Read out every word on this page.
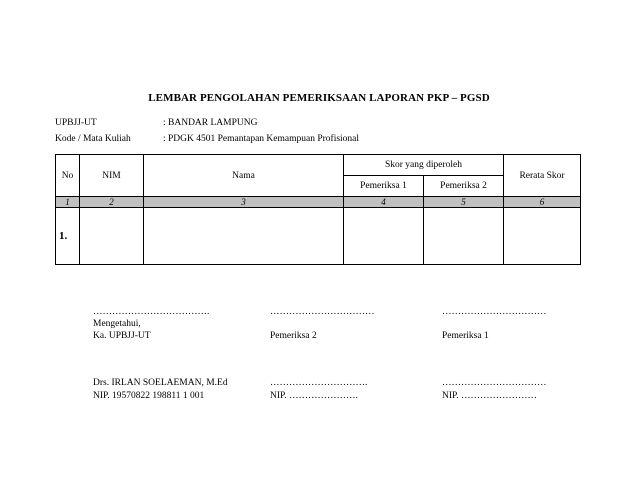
LEMBAR PENGOLAHAN PEMERIKSAAN LAPORAN PKP – PGSD
UPBJJ-UT	: BANDAR LAMPUNG
Kode / Mata Kuliah	: PDGK 4501 Pemantapan Kemampuan Profisional
No	NIM	Nama	Skor yang diperoleh		Rerata Skor
			Pemeriksa 1	Pemeriksa 2	
1	2	3	4	5	6
1.					
……………………………….	……………………………	……………………………
Mengetahui,
Ka. UPBJJ-UT	Pemeriksa 2	Pemeriksa 1
Drs. IRLAN SOELAEMAN, M.Ed	………………………….	……………………………
NIP. 19570822 198811 1 001	NIP. ………………….	NIP. ……………………
